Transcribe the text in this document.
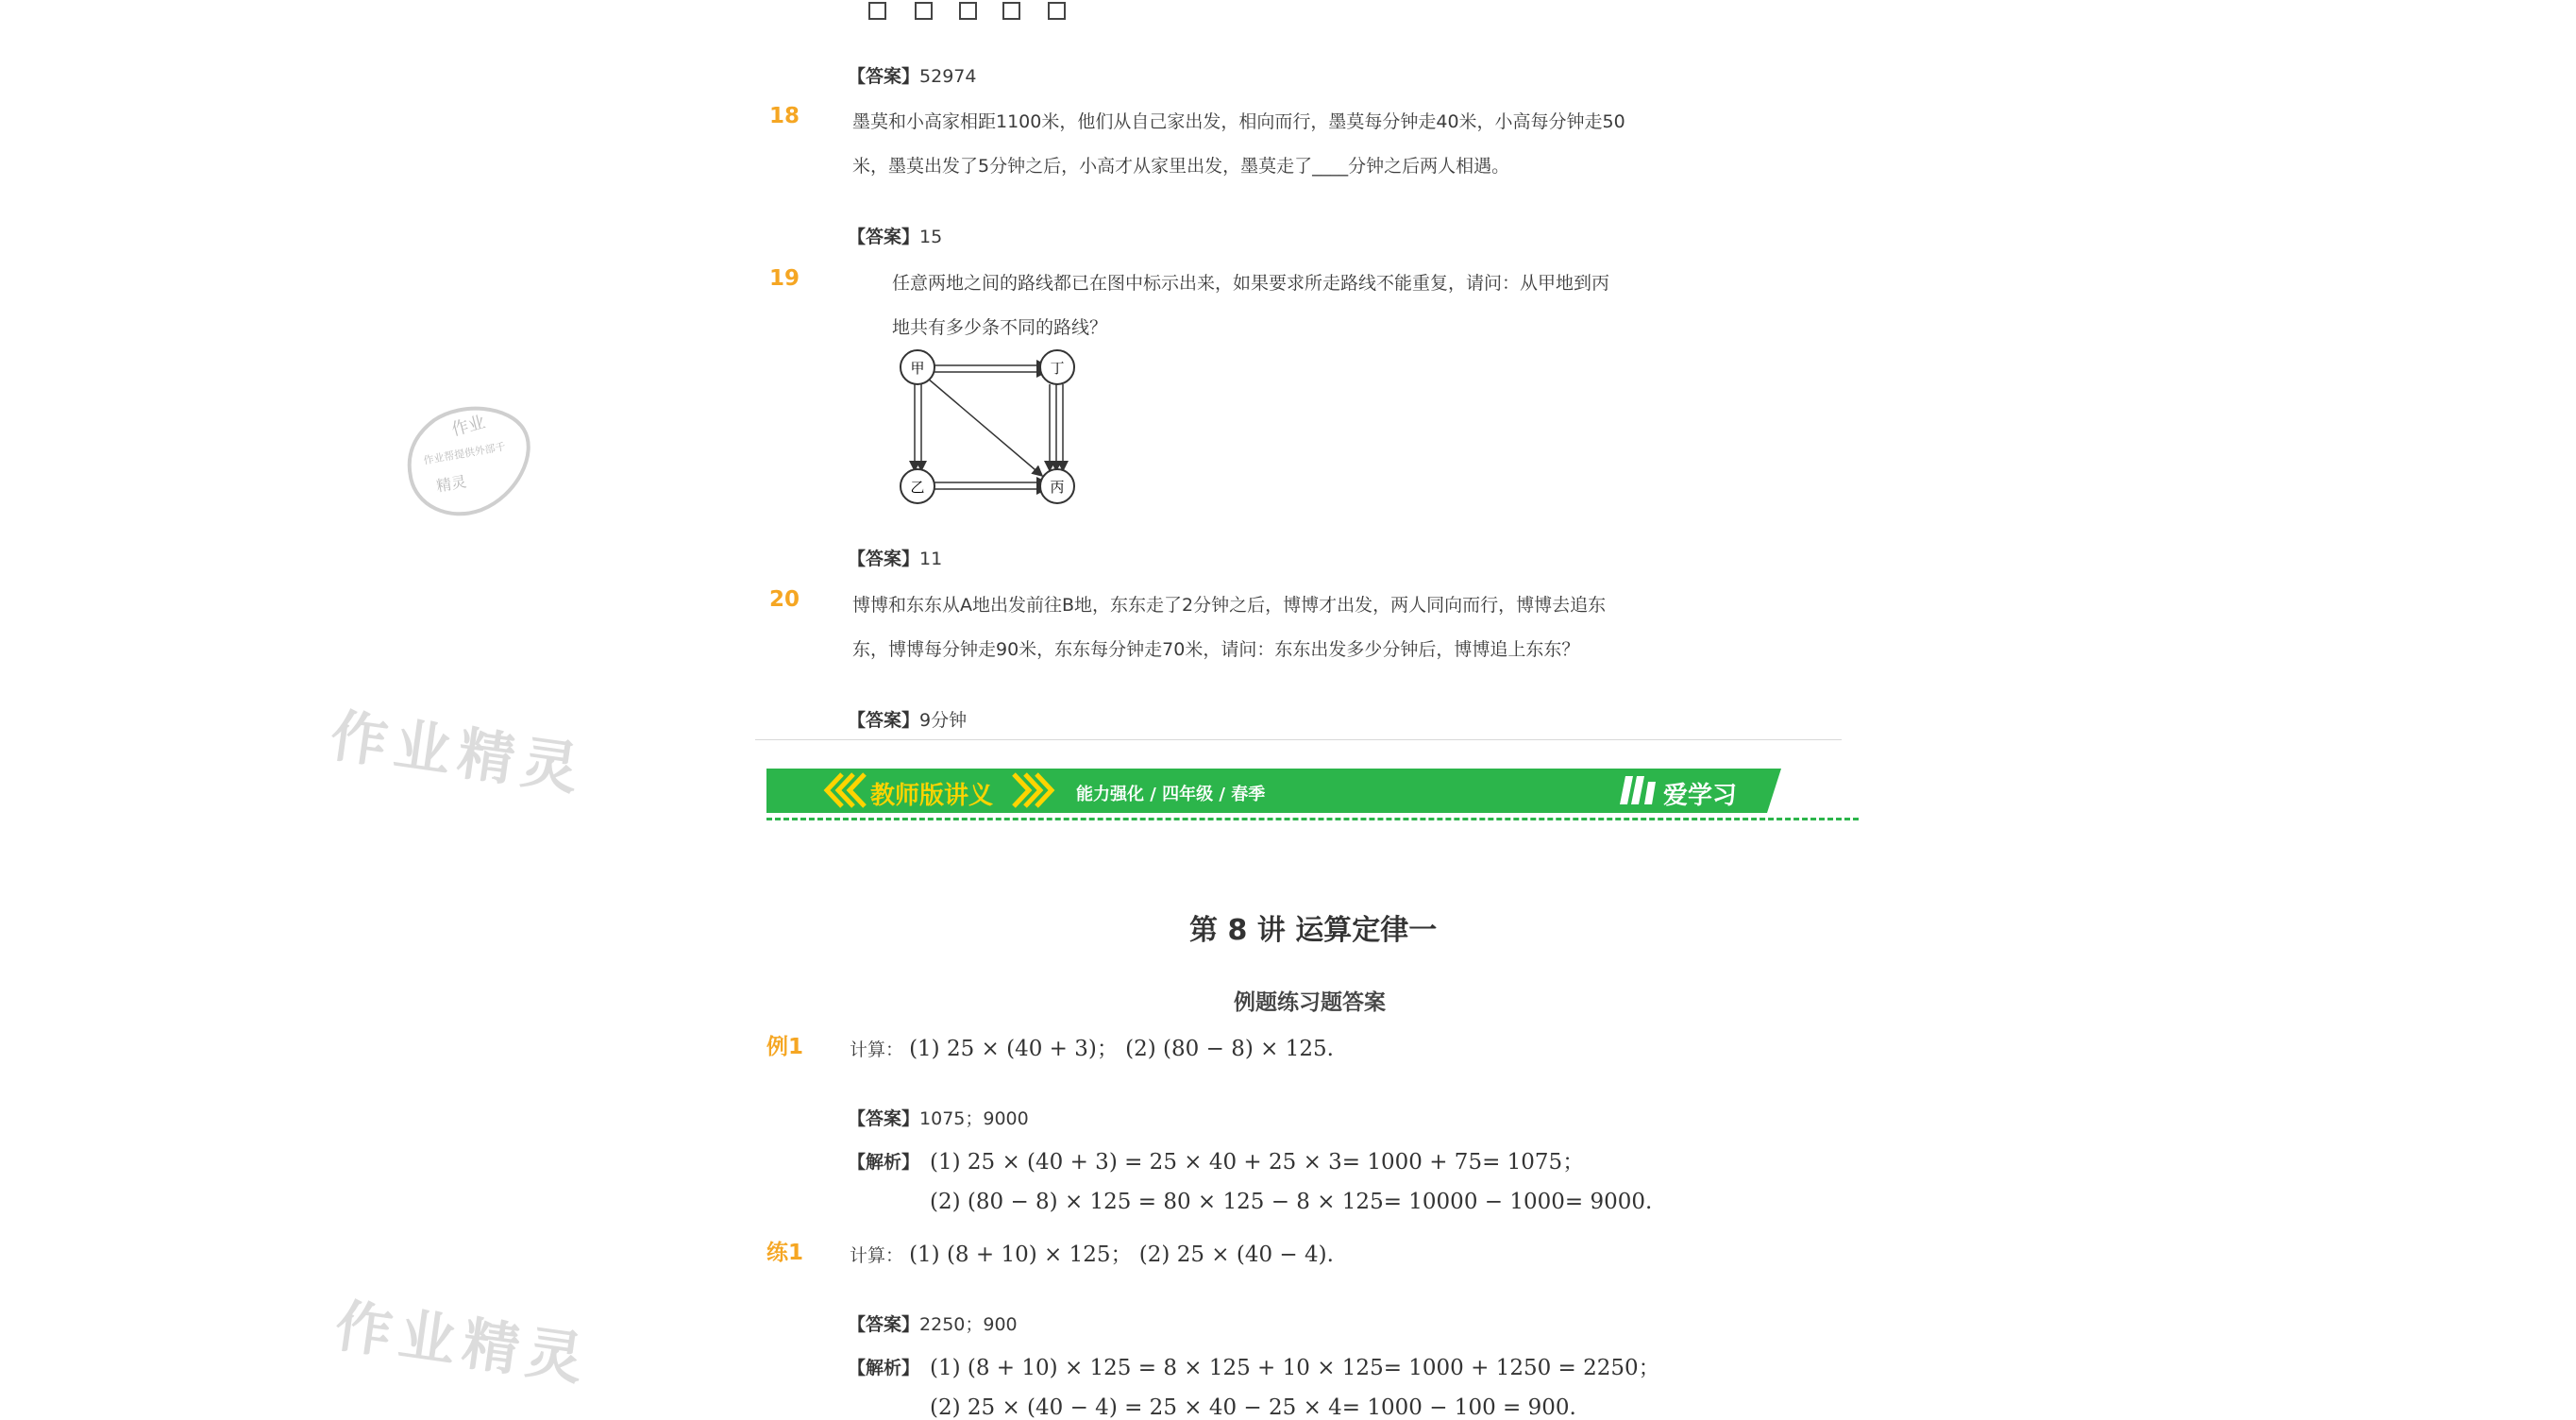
【答案】52974
18	墨莫和小高家相距1100米，他们从自己家出发，相向而行，墨莫每分钟走40米，小高每分钟走50
米，墨莫出发了5分钟之后，小高才从家里出发，墨莫走了____分钟之后两人相遇。
【答案】15
19	任意两地之间的路线都已在图中标示出来，如果要求所走路线不能重复，请问：从甲地到丙
地共有多少条不同的路线？
甲	丁
乙	丙
【答案】11
20	博博和东东从A地出发前往B地，东东走了2分钟之后，博博才出发，两人同向而行，博博去追东
东，博博每分钟走90米，东东每分钟走70米，请问：东东出发多少分钟后，博博追上东东？
【答案】9分钟
教师版讲义	能力强化 / 四年级 / 春季	爱学习
第 8 讲 运算定律一
例题练习题答案
例1	计算： (1) 25 × (40 + 3)； (2) (80 − 8) × 125.
【答案】1075；9000
【解析】 (1) 25 × (40 + 3) = 25 × 40 + 25 × 3= 1000 + 75= 1075；
(2) (80 − 8) × 125 = 80 × 125 − 8 × 125= 10000 − 1000= 9000.
练1	计算： (1) (8 + 10) × 125； (2) 25 × (40 − 4).
【答案】2250；900
【解析】 (1) (8 + 10) × 125 = 8 × 125 + 10 × 125= 1000 + 1250 = 2250；
(2) 25 × (40 − 4) = 25 × 40 − 25 × 4= 1000 − 100 = 900.
作业精灵
作业精灵
作业
作业帮提供外部千
精灵
